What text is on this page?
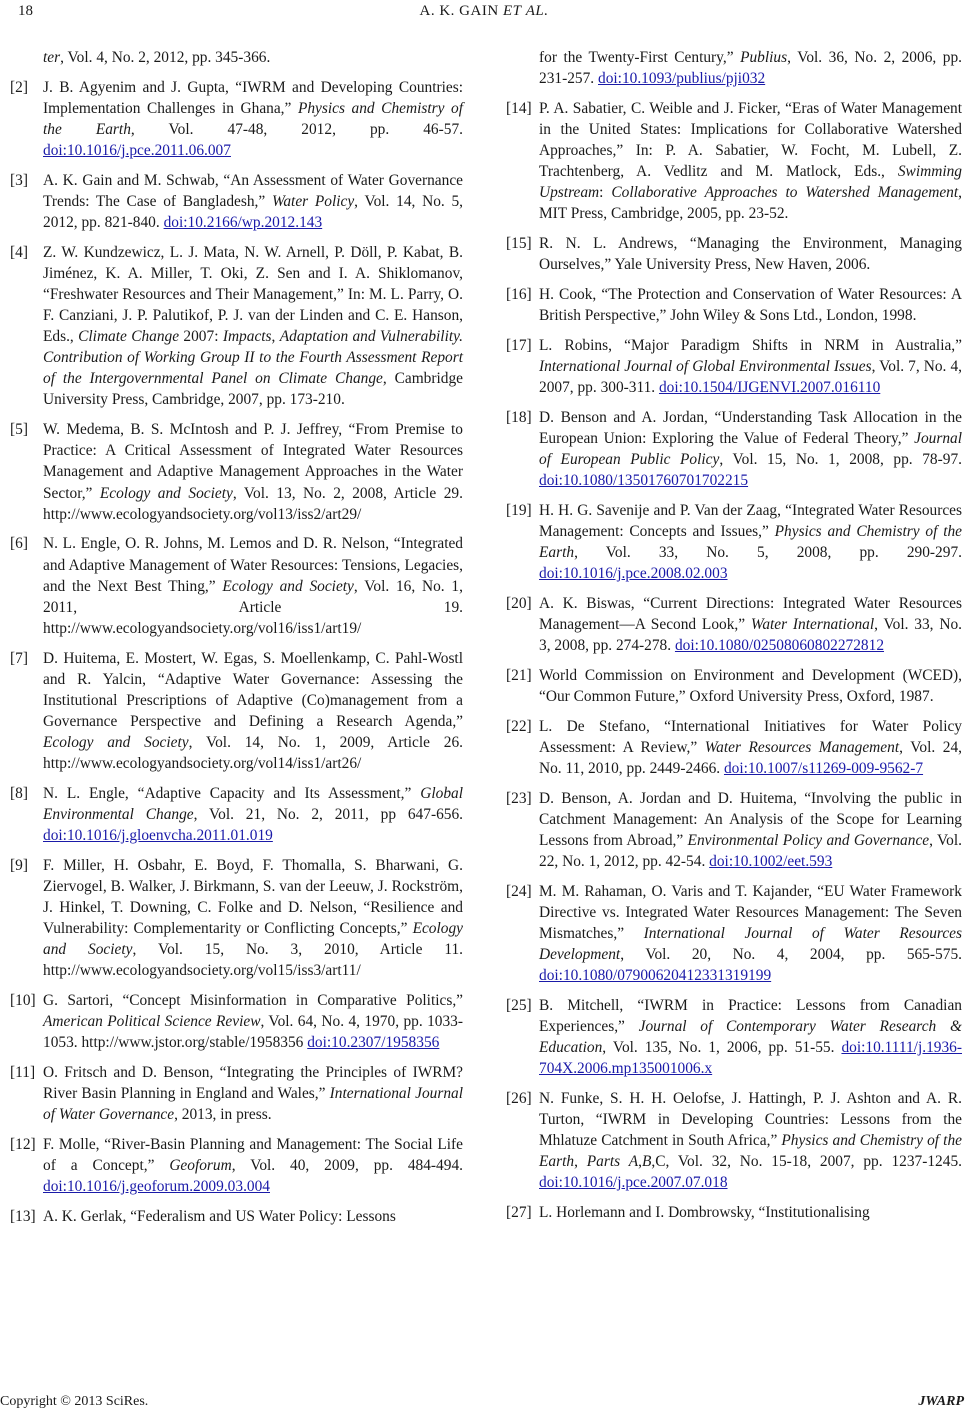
18	A. K. GAIN ET AL.
ter, Vol. 4, No. 2, 2012, pp. 345-366.
[2] J. B. Agyenim and J. Gupta, “IWRM and Developing Countries: Implementation Challenges in Ghana,” Physics and Chemistry of the Earth, Vol. 47-48, 2012, pp. 46-57. doi:10.1016/j.pce.2011.06.007
[3] A. K. Gain and M. Schwab, “An Assessment of Water Governance Trends: The Case of Bangladesh,” Water Policy, Vol. 14, No. 5, 2012, pp. 821-840. doi:10.2166/wp.2012.143
[4] Z. W. Kundzewicz, L. J. Mata, N. W. Arnell, P. Döll, P. Kabat, B. Jiménez, K. A. Miller, T. Oki, Z. Sen and I. A. Shiklomanov, “Freshwater Resources and Their Management,” In: M. L. Parry, O. F. Canziani, J. P. Palutikof, P. J. van der Linden and C. E. Hanson, Eds., Climate Change 2007: Impacts, Adaptation and Vulnerability. Contribution of Working Group II to the Fourth Assessment Report of the Intergovernmental Panel on Climate Change, Cambridge University Press, Cambridge, 2007, pp. 173-210.
[5] W. Medema, B. S. McIntosh and P. J. Jeffrey, “From Premise to Practice: A Critical Assessment of Integrated Water Resources Management and Adaptive Management Approaches in the Water Sector,” Ecology and Society, Vol. 13, No. 2, 2008, Article 29. http://www.ecologyandsociety.org/vol13/iss2/art29/
[6] N. L. Engle, O. R. Johns, M. Lemos and D. R. Nelson, “Integrated and Adaptive Management of Water Resources: Tensions, Legacies, and the Next Best Thing,” Ecology and Society, Vol. 16, No. 1, 2011, Article 19. http://www.ecologyandsociety.org/vol16/iss1/art19/
[7] D. Huitema, E. Mostert, W. Egas, S. Moellenkamp, C. Pahl-Wostl and R. Yalcin, “Adaptive Water Governance: Assessing the Institutional Prescriptions of Adaptive (Co)management from a Governance Perspective and Defining a Research Agenda,” Ecology and Society, Vol. 14, No. 1, 2009, Article 26. http://www.ecologyandsociety.org/vol14/iss1/art26/
[8] N. L. Engle, “Adaptive Capacity and Its Assessment,” Global Environmental Change, Vol. 21, No. 2, 2011, pp 647-656. doi:10.1016/j.gloenvcha.2011.01.019
[9] F. Miller, H. Osbahr, E. Boyd, F. Thomalla, S. Bharwani, G. Ziervogel, B. Walker, J. Birkmann, S. van der Leeuw, J. Rockström, J. Hinkel, T. Downing, C. Folke and D. Nelson, “Resilience and Vulnerability: Complementarity or Conflicting Concepts,” Ecology and Society, Vol. 15, No. 3, 2010, Article 11. http://www.ecologyandsociety.org/vol15/iss3/art11/
[10] G. Sartori, “Concept Misinformation in Comparative Politics,” American Political Science Review, Vol. 64, No. 4, 1970, pp. 1033-1053. http://www.jstor.org/stable/1958356 doi:10.2307/1958356
[11] O. Fritsch and D. Benson, “Integrating the Principles of IWRM? River Basin Planning in England and Wales,” International Journal of Water Governance, 2013, in press.
[12] F. Molle, “River-Basin Planning and Management: The Social Life of a Concept,” Geoforum, Vol. 40, 2009, pp. 484-494. doi:10.1016/j.geoforum.2009.03.004
[13] A. K. Gerlak, “Federalism and US Water Policy: Lessons
for the Twenty-First Century,” Publius, Vol. 36, No. 2, 2006, pp. 231-257. doi:10.1093/publius/pji032
[14] P. A. Sabatier, C. Weible and J. Ficker, “Eras of Water Management in the United States: Implications for Collaborative Watershed Approaches,” In: P. A. Sabatier, W. Focht, M. Lubell, Z. Trachtenberg, A. Vedlitz and M. Matlock, Eds., Swimming Upstream: Collaborative Approaches to Watershed Management, MIT Press, Cambridge, 2005, pp. 23-52.
[15] R. N. L. Andrews, “Managing the Environment, Managing Ourselves,” Yale University Press, New Haven, 2006.
[16] H. Cook, “The Protection and Conservation of Water Resources: A British Perspective,” John Wiley & Sons Ltd., London, 1998.
[17] L. Robins, “Major Paradigm Shifts in NRM in Australia,” International Journal of Global Environmental Issues, Vol. 7, No. 4, 2007, pp. 300-311. doi:10.1504/IJGENVI.2007.016110
[18] D. Benson and A. Jordan, “Understanding Task Allocation in the European Union: Exploring the Value of Federal Theory,” Journal of European Public Policy, Vol. 15, No. 1, 2008, pp. 78-97. doi:10.1080/13501760701702215
[19] H. H. G. Savenije and P. Van der Zaag, “Integrated Water Resources Management: Concepts and Issues,” Physics and Chemistry of the Earth, Vol. 33, No. 5, 2008, pp. 290-297. doi:10.1016/j.pce.2008.02.003
[20] A. K. Biswas, “Current Directions: Integrated Water Resources Management—A Second Look,” Water International, Vol. 33, No. 3, 2008, pp. 274-278. doi:10.1080/02508060802272812
[21] World Commission on Environment and Development (WCED), “Our Common Future,” Oxford University Press, Oxford, 1987.
[22] L. De Stefano, “International Initiatives for Water Policy Assessment: A Review,” Water Resources Management, Vol. 24, No. 11, 2010, pp. 2449-2466. doi:10.1007/s11269-009-9562-7
[23] D. Benson, A. Jordan and D. Huitema, “Involving the public in Catchment Management: An Analysis of the Scope for Learning Lessons from Abroad,” Environmental Policy and Governance, Vol. 22, No. 1, 2012, pp. 42-54. doi:10.1002/eet.593
[24] M. M. Rahaman, O. Varis and T. Kajander, “EU Water Framework Directive vs. Integrated Water Resources Management: The Seven Mismatches,” International Journal of Water Resources Development, Vol. 20, No. 4, 2004, pp. 565-575. doi:10.1080/07900620412331319199
[25] B. Mitchell, “IWRM in Practice: Lessons from Canadian Experiences,” Journal of Contemporary Water Research & Education, Vol. 135, No. 1, 2006, pp. 51-55. doi:10.1111/j.1936-704X.2006.mp135001006.x
[26] N. Funke, S. H. H. Oelofse, J. Hattingh, P. J. Ashton and A. R. Turton, “IWRM in Developing Countries: Lessons from the Mhlatuze Catchment in South Africa,” Physics and Chemistry of the Earth, Parts A,B,C, Vol. 32, No. 15-18, 2007, pp. 1237-1245. doi:10.1016/j.pce.2007.07.018
[27] L. Horlemann and I. Dombrowsky, “Institutionalising
Copyright © 2013 SciRes.	JWARP
